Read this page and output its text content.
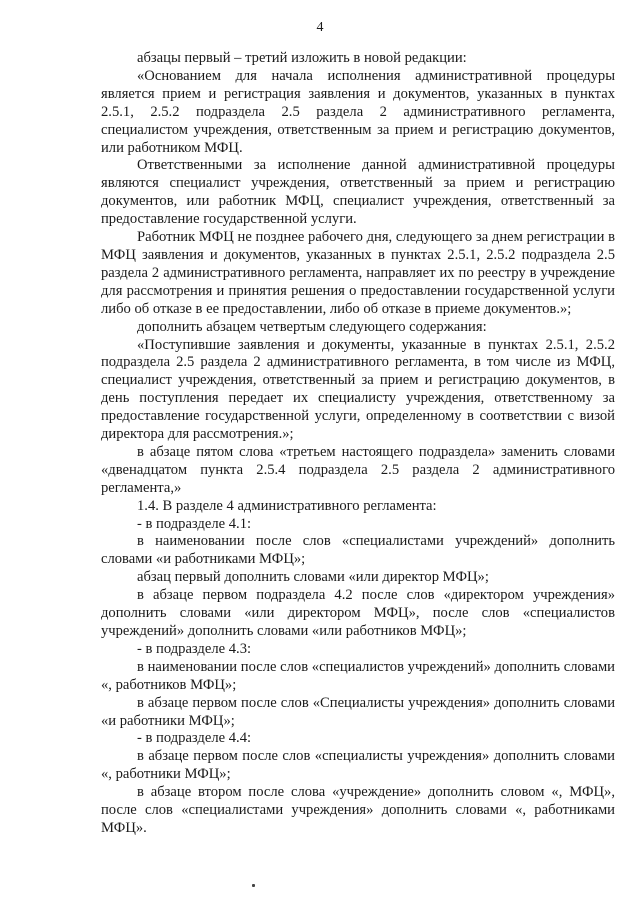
4

абзацы первый – третий изложить в новой редакции:

«Основанием для начала исполнения административной процедуры является прием и регистрация заявления и документов, указанных в пунктах 2.5.1, 2.5.2 подраздела 2.5 раздела 2 административного регламента, специалистом учреждения, ответственным за прием и регистрацию документов, или работником МФЦ.

Ответственными за исполнение данной административной процедуры являются специалист учреждения, ответственный за прием и регистрацию документов, или работник МФЦ, специалист учреждения, ответственный за предоставление государственной услуги.

Работник МФЦ не позднее рабочего дня, следующего за днем регистрации в МФЦ заявления и документов, указанных в пунктах 2.5.1, 2.5.2 подраздела 2.5 раздела 2 административного регламента, направляет их по реестру в учреждение для рассмотрения и принятия решения о предоставлении государственной услуги либо об отказе в ее предоставлении, либо об отказе в приеме документов.»;

дополнить абзацем четвертым следующего содержания:

«Поступившие заявления и документы, указанные в пунктах 2.5.1, 2.5.2 подраздела 2.5 раздела 2 административного регламента, в том числе из МФЦ, специалист учреждения, ответственный за прием и регистрацию документов, в день поступления передает их специалисту учреждения, ответственному за предоставление государственной услуги, определенному в соответствии с визой директора для рассмотрения.»;

в абзаце пятом слова «третьем настоящего подраздела» заменить словами «двенадцатом пункта 2.5.4 подраздела 2.5 раздела 2 административного регламента,»

1.4. В разделе 4 административного регламента:

- в подразделе 4.1:

в наименовании после слов «специалистами учреждений» дополнить словами «и работниками МФЦ»;

абзац первый дополнить словами «или директор МФЦ»;

в абзаце первом подраздела 4.2 после слов «директором учреждения» дополнить словами «или директором МФЦ», после слов «специалистов учреждений» дополнить словами «или работников МФЦ»;

- в подразделе 4.3:

в наименовании после слов «специалистов учреждений» дополнить словами «, работников МФЦ»;

в абзаце первом после слов «Специалисты учреждения» дополнить словами «и работники МФЦ»;

- в подразделе 4.4:

в абзаце первом после слов «специалисты учреждения» дополнить словами «, работники МФЦ»;

в абзаце втором после слова «учреждение» дополнить словом «, МФЦ», после слов «специалистами учреждения» дополнить словами «, работниками МФЦ».
